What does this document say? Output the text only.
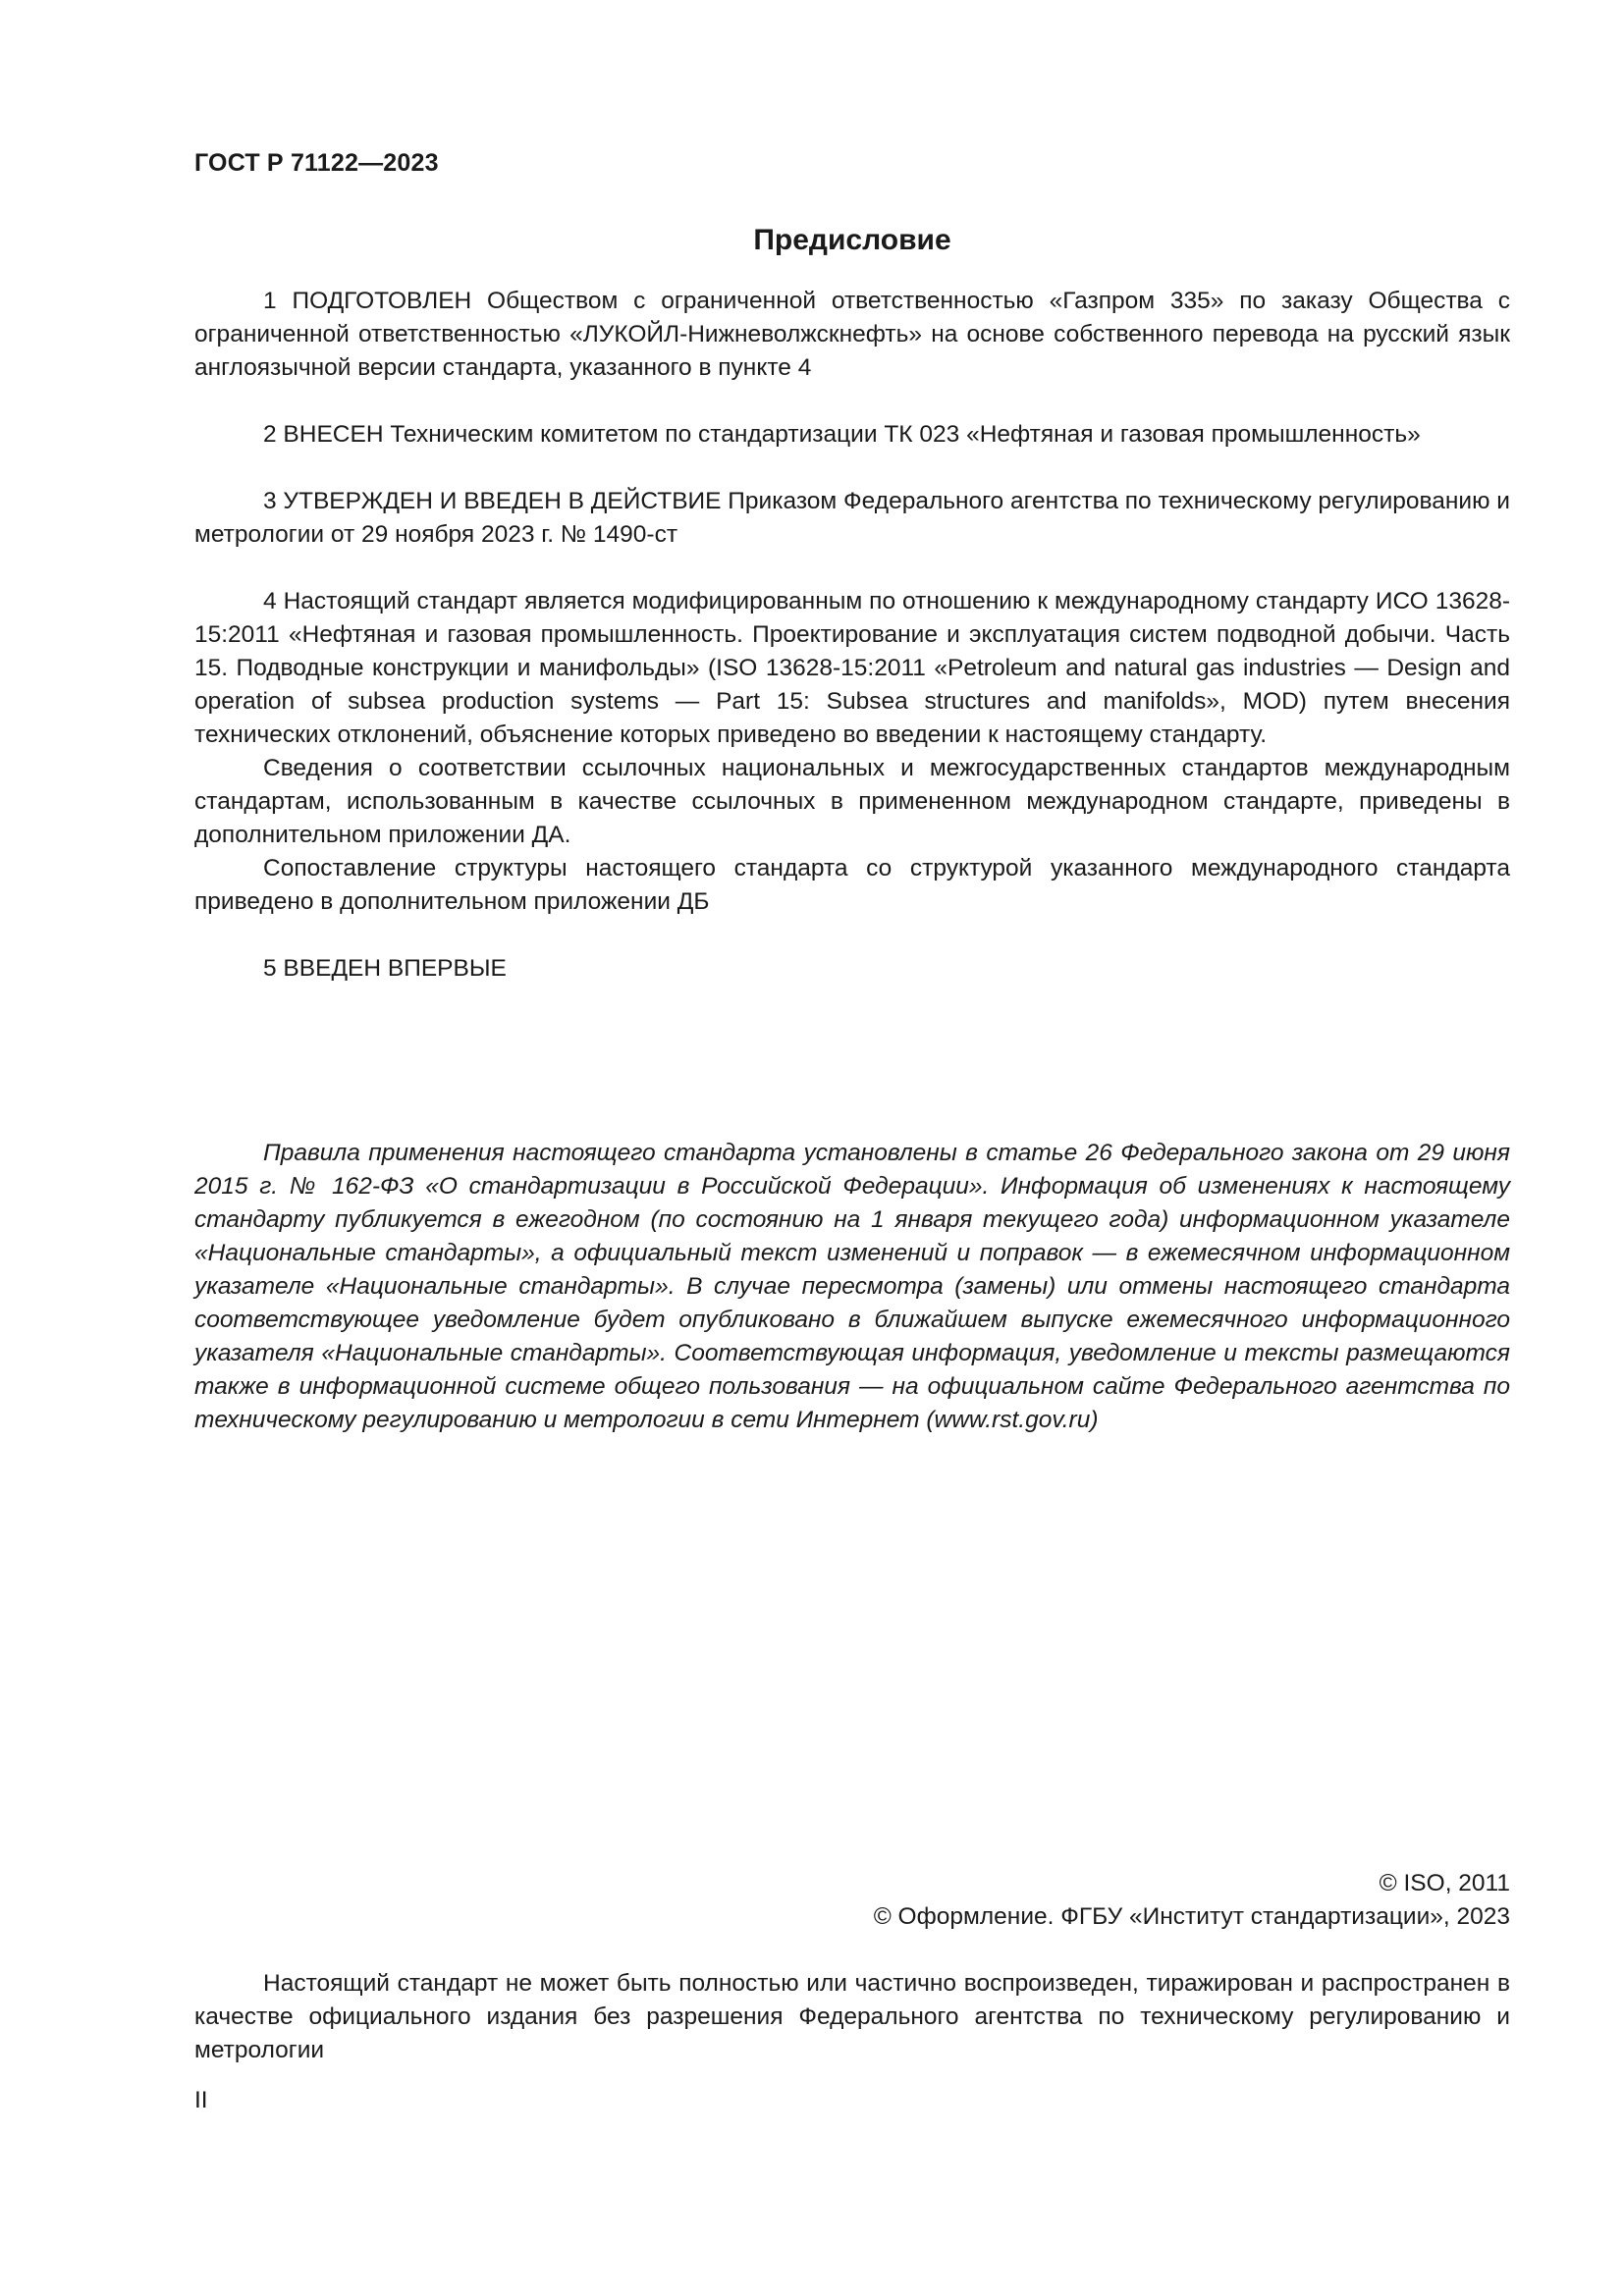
ГОСТ Р 71122—2023
Предисловие

1 ПОДГОТОВЛЕН Обществом с ограниченной ответственностью «Газпром 335» по заказу Общества с ограниченной ответственностью «ЛУКОЙЛ-Нижневолжскнефть» на основе собственного перевода на русский язык англоязычной версии стандарта, указанного в пункте 4

2 ВНЕСЕН Техническим комитетом по стандартизации ТК 023 «Нефтяная и газовая промышленность»

3 УТВЕРЖДЕН И ВВЕДЕН В ДЕЙСТВИЕ Приказом Федерального агентства по техническому регулированию и метрологии от 29 ноября 2023 г. № 1490-ст

4 Настоящий стандарт является модифицированным по отношению к международному стандарту ИСО 13628-15:2011 «Нефтяная и газовая промышленность. Проектирование и эксплуатация систем подводной добычи. Часть 15. Подводные конструкции и манифольды» (ISO 13628-15:2011 «Petroleum and natural gas industries — Design and operation of subsea production systems — Part 15: Subsea structures and manifolds», MOD) путем внесения технических отклонений, объяснение которых приведено во введении к настоящему стандарту.

Сведения о соответствии ссылочных национальных и межгосударственных стандартов международным стандартам, использованным в качестве ссылочных в примененном международном стандарте, приведены в дополнительном приложении ДА.

Сопоставление структуры настоящего стандарта со структурой указанного международного стандарта приведено в дополнительном приложении ДБ

5 ВВЕДЕН ВПЕРВЫЕ

Правила применения настоящего стандарта установлены в статье 26 Федерального закона от 29 июня 2015 г. № 162-ФЗ «О стандартизации в Российской Федерации». Информация об изменениях к настоящему стандарту публикуется в ежегодном (по состоянию на 1 января текущего года) информационном указателе «Национальные стандарты», а официальный текст изменений и поправок — в ежемесячном информационном указателе «Национальные стандарты». В случае пересмотра (замены) или отмены настоящего стандарта соответствующее уведомление будет опубликовано в ближайшем выпуске ежемесячного информационного указателя «Национальные стандарты». Соответствующая информация, уведомление и тексты размещаются также в информационной системе общего пользования — на официальном сайте Федерального агентства по техническому регулированию и метрологии в сети Интернет (www.rst.gov.ru)

© ISO, 2011
© Оформление. ФГБУ «Институт стандартизации», 2023

Настоящий стандарт не может быть полностью или частично воспроизведен, тиражирован и распространен в качестве официального издания без разрешения Федерального агентства по техническому регулированию и метрологии

II
